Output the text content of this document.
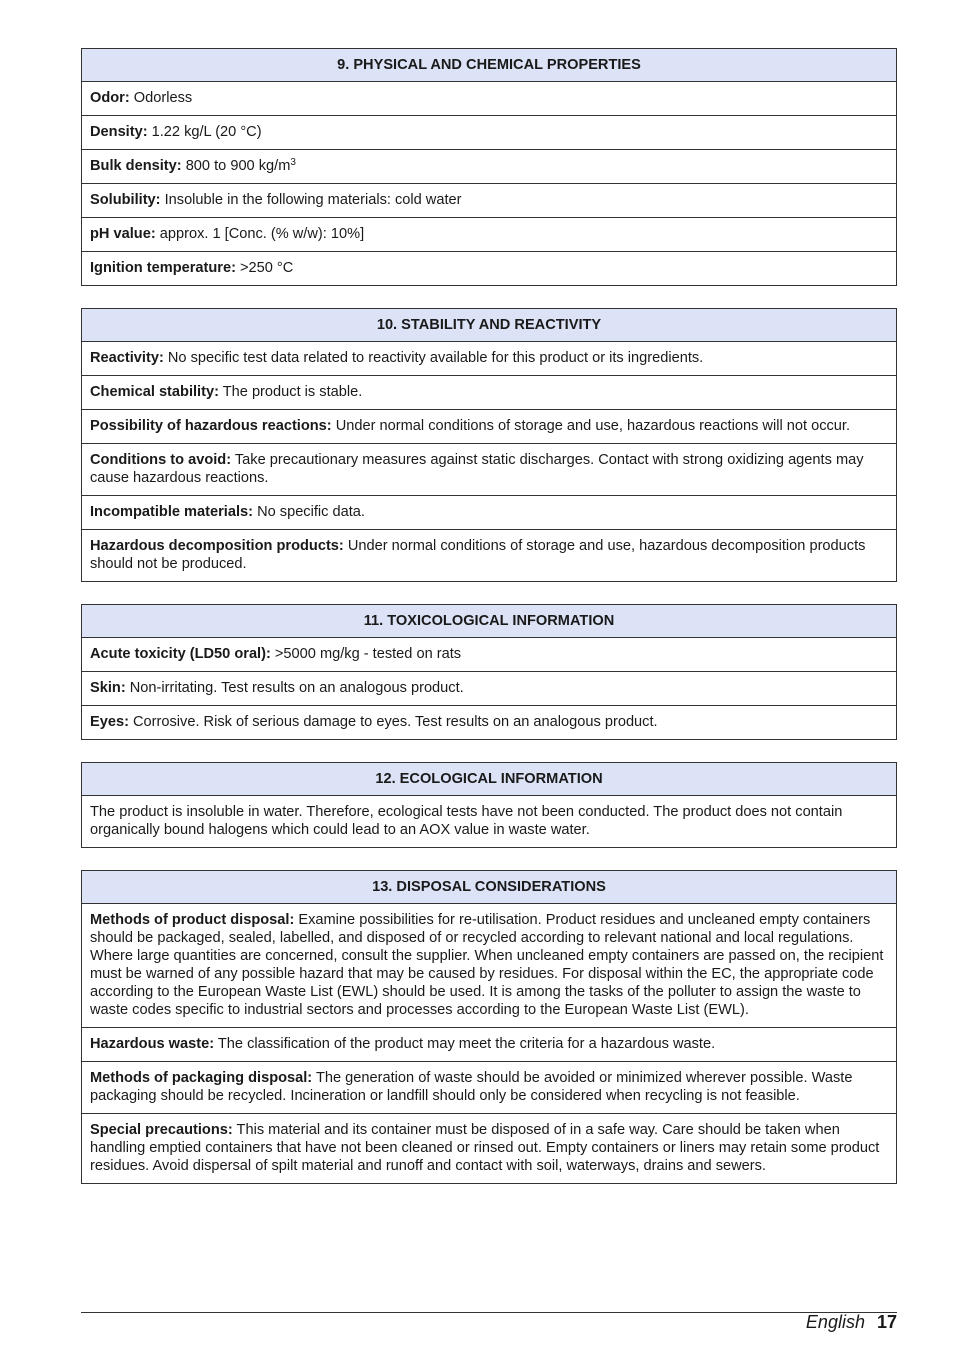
9. PHYSICAL AND CHEMICAL PROPERTIES
Odor: Odorless
Density: 1.22 kg/L (20 °C)
Bulk density: 800 to 900 $kg/m^3$
Solubility: Insoluble in the following materials: cold water
pH value: approx. 1 [Conc. (% w/w): 10%]
Ignition temperature: >250 °C
10. STABILITY AND REACTIVITY
Reactivity: No specific test data related to reactivity available for this product or its ingredients.
Chemical stability: The product is stable.
Possibility of hazardous reactions: Under normal conditions of storage and use, hazardous reactions will not occur.
Conditions to avoid: Take precautionary measures against static discharges. Contact with strong oxidizing agents may cause hazardous reactions.
Incompatible materials: No specific data.
Hazardous decomposition products: Under normal conditions of storage and use, hazardous decomposition products should not be produced.
11. TOXICOLOGICAL INFORMATION
Acute toxicity (LD50 oral): >5000 mg/kg - tested on rats
Skin: Non-irritating. Test results on an analogous product.
Eyes: Corrosive. Risk of serious damage to eyes. Test results on an analogous product.
12. ECOLOGICAL INFORMATION
The product is insoluble in water. Therefore, ecological tests have not been conducted. The product does not contain organically bound halogens which could lead to an AOX value in waste water.
13. DISPOSAL CONSIDERATIONS
Methods of product disposal: Examine possibilities for re-utilisation. Product residues and uncleaned empty containers should be packaged, sealed, labelled, and disposed of or recycled according to relevant national and local regulations. Where large quantities are concerned, consult the supplier. When uncleaned empty containers are passed on, the recipient must be warned of any possible hazard that may be caused by residues. For disposal within the EC, the appropriate code according to the European Waste List (EWL) should be used. It is among the tasks of the polluter to assign the waste to waste codes specific to industrial sectors and processes according to the European Waste List (EWL).
Hazardous waste: The classification of the product may meet the criteria for a hazardous waste.
Methods of packaging disposal: The generation of waste should be avoided or minimized wherever possible. Waste packaging should be recycled. Incineration or landfill should only be considered when recycling is not feasible.
Special precautions: This material and its container must be disposed of in a safe way. Care should be taken when handling emptied containers that have not been cleaned or rinsed out. Empty containers or liners may retain some product residues. Avoid dispersal of spilt material and runoff and contact with soil, waterways, drains and sewers.
English 17
